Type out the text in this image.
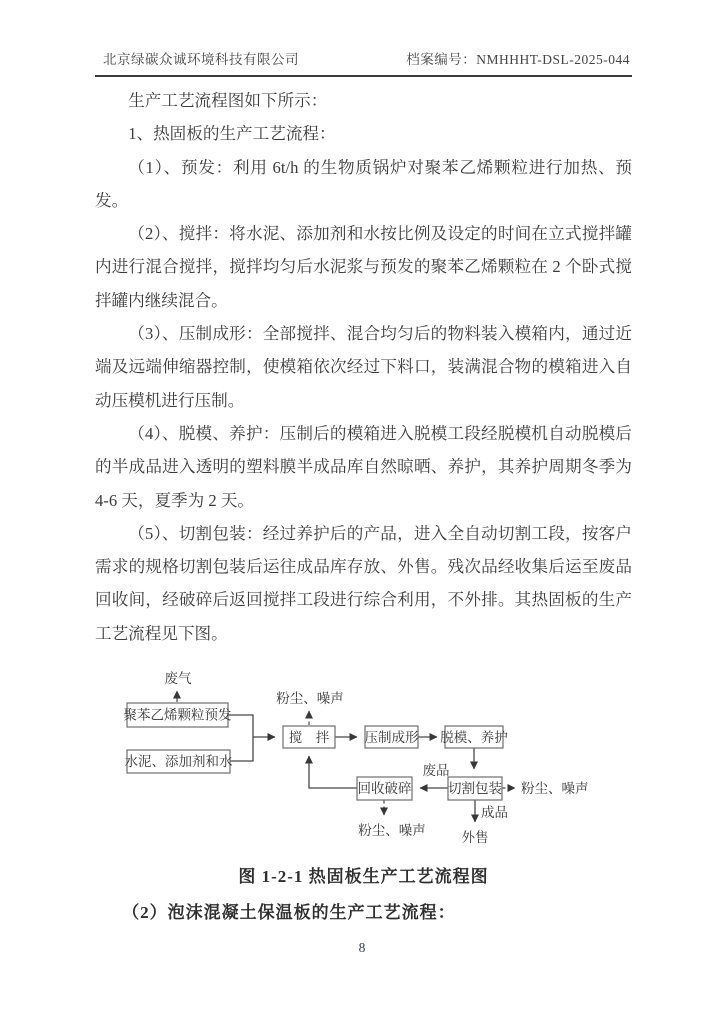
北京绿碳众诚环境科技有限公司	档案编号：NMHHHT-DSL-2025-044

生产工艺流程图如下所示：

1、热固板的生产工艺流程：

（1）、预发：利用 6t/h 的生物质锅炉对聚苯乙烯颗粒进行加热、预发。

（2）、搅拌：将水泥、添加剂和水按比例及设定的时间在立式搅拌罐内进行混合搅拌，搅拌均匀后水泥浆与预发的聚苯乙烯颗粒在 2 个卧式搅拌罐内继续混合。

（3）、压制成形：全部搅拌、混合均匀后的物料装入模箱内，通过近端及远端伸缩器控制，使模箱依次经过下料口，装满混合物的模箱进入自动压模机进行压制。

（4）、脱模、养护：压制后的模箱进入脱模工段经脱模机自动脱模后的半成品进入透明的塑料膜半成品库自然晾晒、养护，其养护周期冬季为 4-6 天，夏季为 2 天。

（5）、切割包装：经过养护后的产品，进入全自动切割工段，按客户需求的规格切割包装后运往成品库存放、外售。残次品经收集后运至废品回收间，经破碎后返回搅拌工段进行综合利用，不外排。其热固板的生产工艺流程见下图。

聚苯乙烯颗粒预发
水泥、添加剂和水
搅　拌	压制成形 脱模、养护
切割包装
回收破碎
废气
粉尘、噪声
废品
粉尘、噪声
成品
外售
粉尘、噪声
图 1-2-1 热固板生产工艺流程图
（2）泡沫混凝土保温板的生产工艺流程：
8
